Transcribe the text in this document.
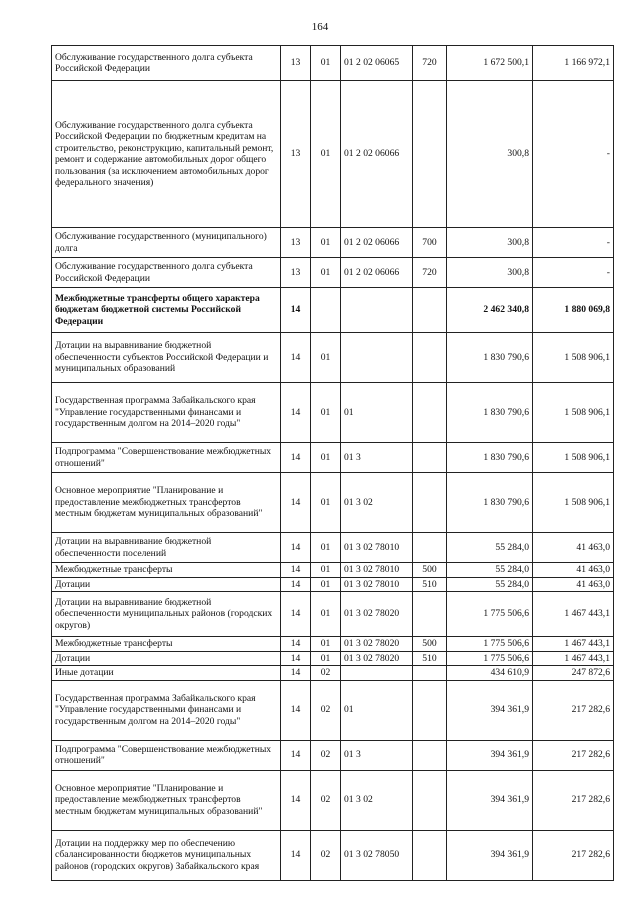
164
Обслуживание государственного долга субъекта Российской Федерации	13	01	01 2 02 06065	720	1 672 500,1	1 166 972,1
Обслуживание государственного долга субъекта Российской Федерации по бюджетным кредитам на строительство, реконструкцию, капитальный ремонт, ремонт и содержание автомобильных дорог общего пользования (за исключением автомобильных дорог федерального значения)	13	01	01 2 02 06066		300,8	-
Обслуживание государственного (муниципального) долга	13	01	01 2 02 06066	700	300,8	-
Обслуживание государственного долга субъекта Российской Федерации	13	01	01 2 02 06066	720	300,8	-
Межбюджетные трансферты общего характера бюджетам бюджетной системы Российской Федерации	14				2 462 340,8	1 880 069,8
Дотации на выравнивание бюджетной обеспеченности субъектов Российской Федерации и муниципальных образований	14	01			1 830 790,6	1 508 906,1
Государственная программа Забайкальского края "Управление государственными финансами и государственным долгом на 2014–2020 годы"	14	01	01		1 830 790,6	1 508 906,1
Подпрограмма "Совершенствование межбюджетных отношений"	14	01	01 3		1 830 790,6	1 508 906,1
Основное мероприятие "Планирование и предоставление межбюджетных трансфертов местным бюджетам муниципальных образований"	14	01	01 3 02		1 830 790,6	1 508 906,1
Дотации на выравнивание бюджетной обеспеченности поселений	14	01	01 3 02 78010		55 284,0	41 463,0
Межбюджетные трансферты	14	01	01 3 02 78010	500	55 284,0	41 463,0
Дотации	14	01	01 3 02 78010	510	55 284,0	41 463,0
Дотации на выравнивание бюджетной обеспеченности муниципальных районов (городских округов)	14	01	01 3 02 78020		1 775 506,6	1 467 443,1
Межбюджетные трансферты	14	01	01 3 02 78020	500	1 775 506,6	1 467 443,1
Дотации	14	01	01 3 02 78020	510	1 775 506,6	1 467 443,1
Иные дотации	14	02			434 610,9	247 872,6
Государственная программа Забайкальского края "Управление государственными финансами и государственным долгом на 2014–2020 годы"	14	02	01		394 361,9	217 282,6
Подпрограмма "Совершенствование межбюджетных отношений"	14	02	01 3		394 361,9	217 282,6
Основное мероприятие "Планирование и предоставление межбюджетных трансфертов местным бюджетам муниципальных образований"	14	02	01 3 02		394 361,9	217 282,6
Дотации на поддержку мер по обеспечению сбалансированности бюджетов муниципальных районов (городских округов) Забайкальского края	14	02	01 3 02 78050		394 361,9	217 282,6
